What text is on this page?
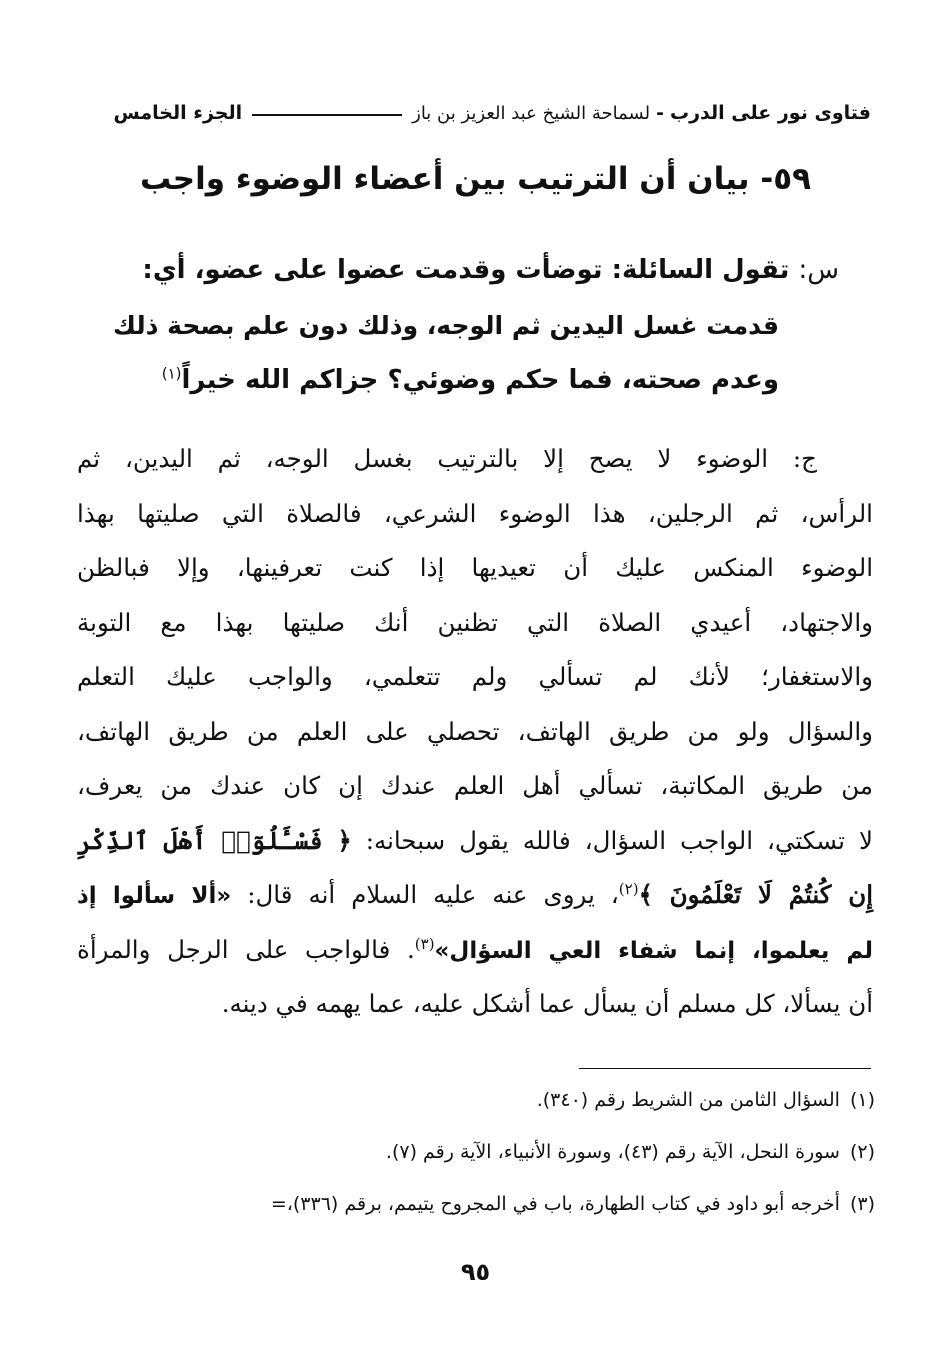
فتاوى نور على الدرب
-
لسماحة الشيخ عبد العزيز بن باز
الجزء الخامس
٥٩- بيان أن الترتيب بين أعضاء الوضوء واجب
س: تقول السائلة: توضأت وقدمت عضوا على عضو، أي:
قدمت غسل اليدين ثم الوجه، وذلك دون علم بصحة ذلك
وعدم صحته، فما حكم وضوئي؟ جزاكم الله خيراً$^{(١)}$
ج: الوضوء لا يصح إلا بالترتيب بغسل الوجه، ثم اليدين، ثم
الرأس، ثم الرجلين، هذا الوضوء الشرعي، فالصلاة التي صليتها بهذا
الوضوء المنكس عليك أن تعيديها إذا كنت تعرفينها، وإلا فبالظن
والاجتهاد، أعيدي الصلاة التي تظنين أنك صليتها بهذا مع التوبة
والاستغفار؛ لأنك لم تسألي ولم تتعلمي، والواجب عليك التعلم
والسؤال ولو من طريق الهاتف، تحصلي على العلم من طريق الهاتف،
من طريق المكاتبة، تسألي أهل العلم عندك إن كان عندك من يعرف،
لا تسكتي، الواجب السؤال، فالله يقول سبحانه: ﴿ فَسْـَٔلُوٓا۟ أَهْلَ ٱلذِّكْرِ
إِن كُنتُمْ لَا تَعْلَمُونَ ﴾$^{(٢)}$، يروى عنه عليه السلام أنه قال: «ألا سألوا إذ
لم يعلموا، إنما شفاء العي السؤال»$^{(٣)}$. فالواجب على الرجل والمرأة
أن يسألا، كل مسلم أن يسأل عما أشكل عليه، عما يهمه في دينه.
(١)السؤال الثامن من الشريط رقم (٣٤٠).
(٢)سورة النحل، الآية رقم (٤٣)، وسورة الأنبياء، الآية رقم (٧).
(٣)أخرجه أبو داود في كتاب الطهارة، باب في المجروح يتيمم، برقم (٣٣٦)،=
٩٥
